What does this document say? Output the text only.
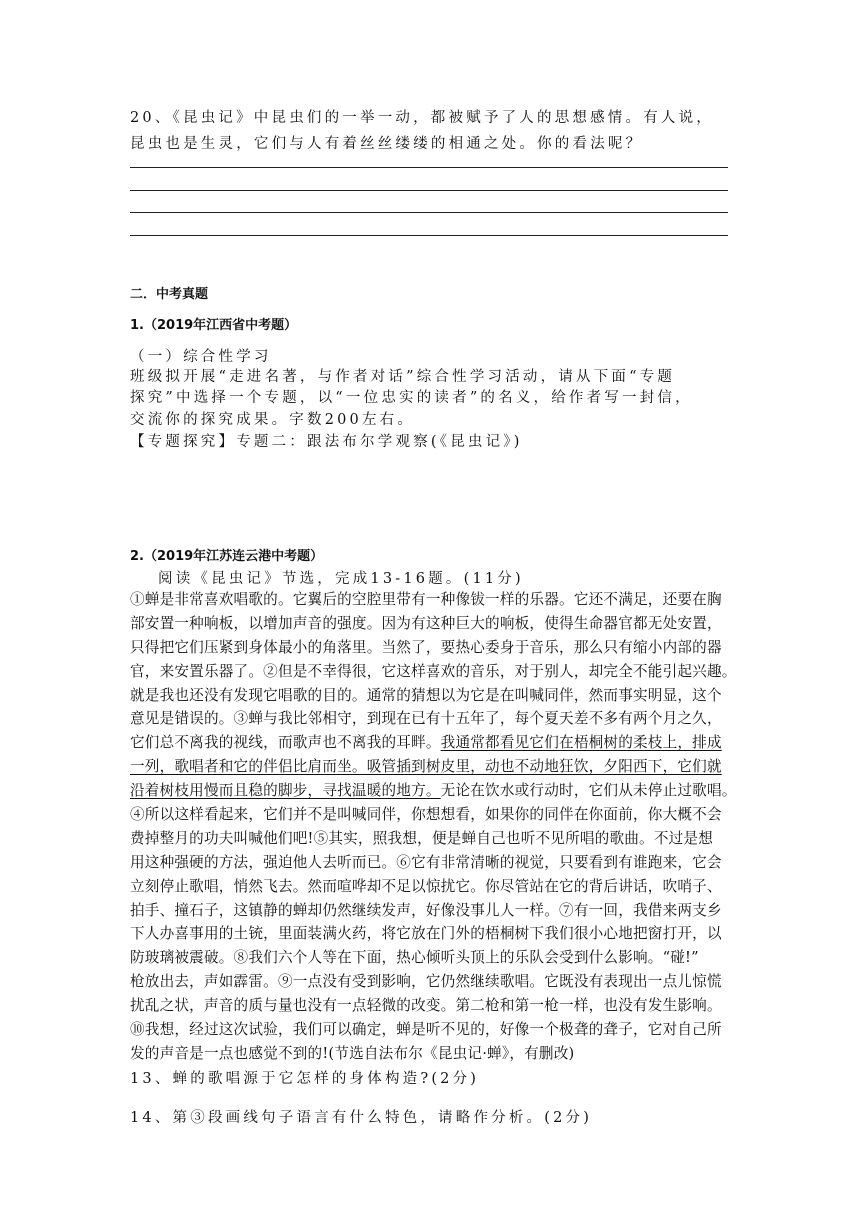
20、《昆虫记》中昆虫们的一举一动，都被赋予了人的思想感情。有人说，
昆虫也是生灵，它们与人有着丝丝缕缕的相通之处。你的看法呢？
二．中考真题
1.（2019年江西省中考题）
（一）综合性学习
班级拟开展“走进名著，与作者对话”综合性学习活动，请从下面“专题
探究”中选择一个专题，以“一位忠实的读者”的名义，给作者写一封信，
交流你的探究成果。字数200左右。
【专题探究】专题二：跟法布尔学观察(《昆虫记》)
2.（2019年江苏连云港中考题）
阅读《昆虫记》节选，完成13-16题。(11分)
①蝉是非常喜欢唱歌的。它翼后的空腔里带有一种像钹一样的乐器。它还不满足，还要在胸
部安置一种响板，以增加声音的强度。因为有这种巨大的响板，使得生命器官都无处安置，
只得把它们压紧到身体最小的角落里。当然了，要热心委身于音乐，那么只有缩小内部的器
官，来安置乐器了。②但是不幸得很，它这样喜欢的音乐，对于别人，却完全不能引起兴趣。
就是我也还没有发现它唱歌的目的。通常的猜想以为它是在叫喊同伴，然而事实明显，这个
意见是错误的。③蝉与我比邻相守，到现在已有十五年了，每个夏天差不多有两个月之久，
它们总不离我的视线，而歌声也不离我的耳畔。我通常都看见它们在梧桐树的柔枝上，排成
一列，歌唱者和它的伴侣比肩而坐。吸管插到树皮里，动也不动地狂饮，夕阳西下，它们就
沿着树枝用慢而且稳的脚步，寻找温暖的地方。无论在饮水或行动时，它们从未停止过歌唱。
④所以这样看起来，它们并不是叫喊同伴，你想想看，如果你的同伴在你面前，你大概不会
费掉整月的功夫叫喊他们吧!⑤其实，照我想，便是蝉自己也听不见所唱的歌曲。不过是想
用这种强硬的方法，强迫他人去听而已。⑥它有非常清晰的视觉，只要看到有谁跑来，它会
立刻停止歌唱，悄然飞去。然而喧哗却不足以惊扰它。你尽管站在它的背后讲话，吹哨子、
拍手、撞石子，这镇静的蝉却仍然继续发声，好像没事儿人一样。⑦有一回，我借来两支乡
下人办喜事用的土铳，里面装满火药，将它放在门外的梧桐树下我们很小心地把窗打开，以
防玻璃被震破。⑧我们六个人等在下面，热心倾听头顶上的乐队会受到什么影响。“碰!”
枪放出去，声如霹雷。⑨一点没有受到影响，它仍然继续歌唱。它既没有表现出一点儿惊慌
扰乱之状，声音的质与量也没有一点轻微的改变。第二枪和第一枪一样，也没有发生影响。
⑩我想，经过这次试验，我们可以确定，蝉是听不见的，好像一个极聋的聋子，它对自己所
发的声音是一点也感觉不到的!(节选自法布尔《昆虫记·蝉》，有删改)
13、蝉的歌唱源于它怎样的身体构造?(2分)
14、第③段画线句子语言有什么特色，请略作分析。(2分)
